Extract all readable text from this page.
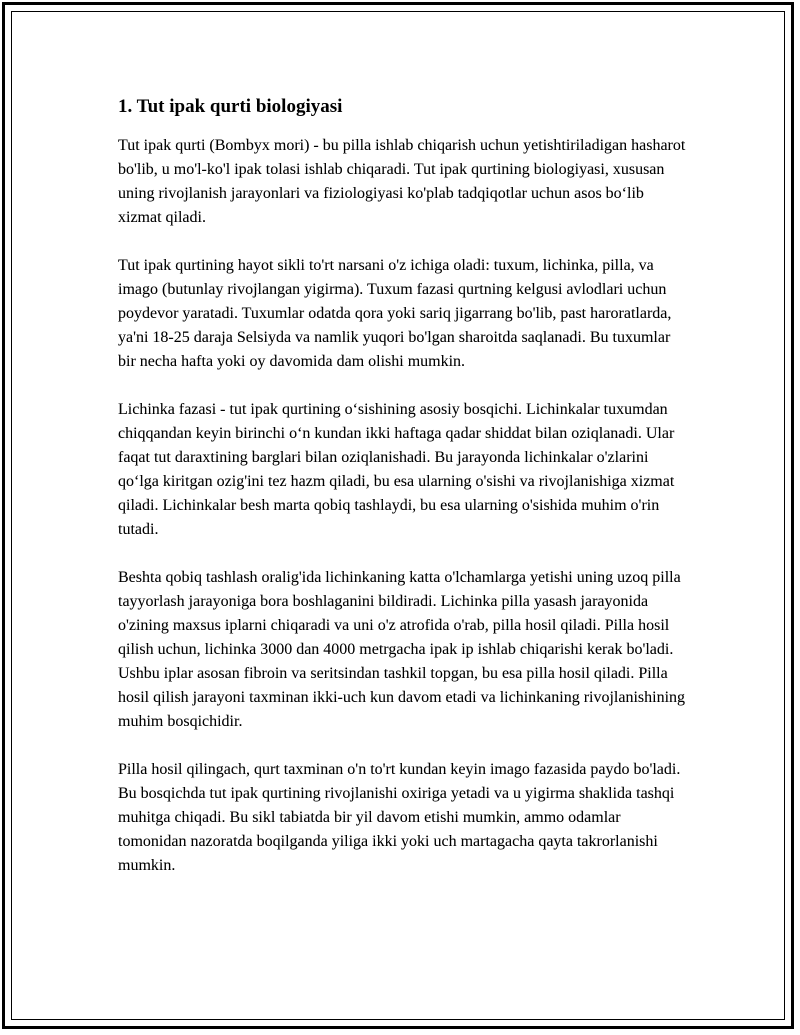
1. Tut ipak qurti biologiyasi

Tut ipak qurti (Bombyx mori) - bu pilla ishlab chiqarish uchun yetishtiriladigan hasharot bo'lib, u mo'l-ko'l ipak tolasi ishlab chiqaradi. Tut ipak qurtining biologiyasi, xususan uning rivojlanish jarayonlari va fiziologiyasi ko'plab tadqiqotlar uchun asos bo‘lib xizmat qiladi.

Tut ipak qurtining hayot sikli to'rt narsani o'z ichiga oladi: tuxum, lichinka, pilla, va imago (butunlay rivojlangan yigirma). Tuxum fazasi qurtning kelgusi avlodlari uchun poydevor yaratadi. Tuxumlar odatda qora yoki sariq jigarrang bo'lib, past haroratlarda, ya'ni 18-25 daraja Selsiyda va namlik yuqori bo'lgan sharoitda saqlanadi. Bu tuxumlar bir necha hafta yoki oy davomida dam olishi mumkin.

Lichinka fazasi - tut ipak qurtining o‘sishining asosiy bosqichi. Lichinkalar tuxumdan chiqqandan keyin birinchi o‘n kundan ikki haftaga qadar shiddat bilan oziqlanadi. Ular faqat tut daraxtining barglari bilan oziqlanishadi. Bu jarayonda lichinkalar o'zlarini qo‘lga kiritgan ozig'ini tez hazm qiladi, bu esa ularning o'sishi va rivojlanishiga xizmat qiladi. Lichinkalar besh marta qobiq tashlaydi, bu esa ularning o'sishida muhim o'rin tutadi.

Beshta qobiq tashlash oralig'ida lichinkaning katta o'lchamlarga yetishi uning uzoq pilla tayyorlash jarayoniga bora boshlaganini bildiradi. Lichinka pilla yasash jarayonida o'zining maxsus iplarni chiqaradi va uni o'z atrofida o'rab, pilla hosil qiladi. Pilla hosil qilish uchun, lichinka 3000 dan 4000 metrgacha ipak ip ishlab chiqarishi kerak bo'ladi. Ushbu iplar asosan fibroin va seritsindan tashkil topgan, bu esa pilla hosil qiladi. Pilla hosil qilish jarayoni taxminan ikki-uch kun davom etadi va lichinkaning rivojlanishining muhim bosqichidir.

Pilla hosil qilingach, qurt taxminan o'n to'rt kundan keyin imago fazasida paydo bo'ladi. Bu bosqichda tut ipak qurtining rivojlanishi oxiriga yetadi va u yigirma shaklida tashqi muhitga chiqadi. Bu sikl tabiatda bir yil davom etishi mumkin, ammo odamlar tomonidan nazoratda boqilganda yiliga ikki yoki uch martagacha qayta takrorlanishi mumkin.
